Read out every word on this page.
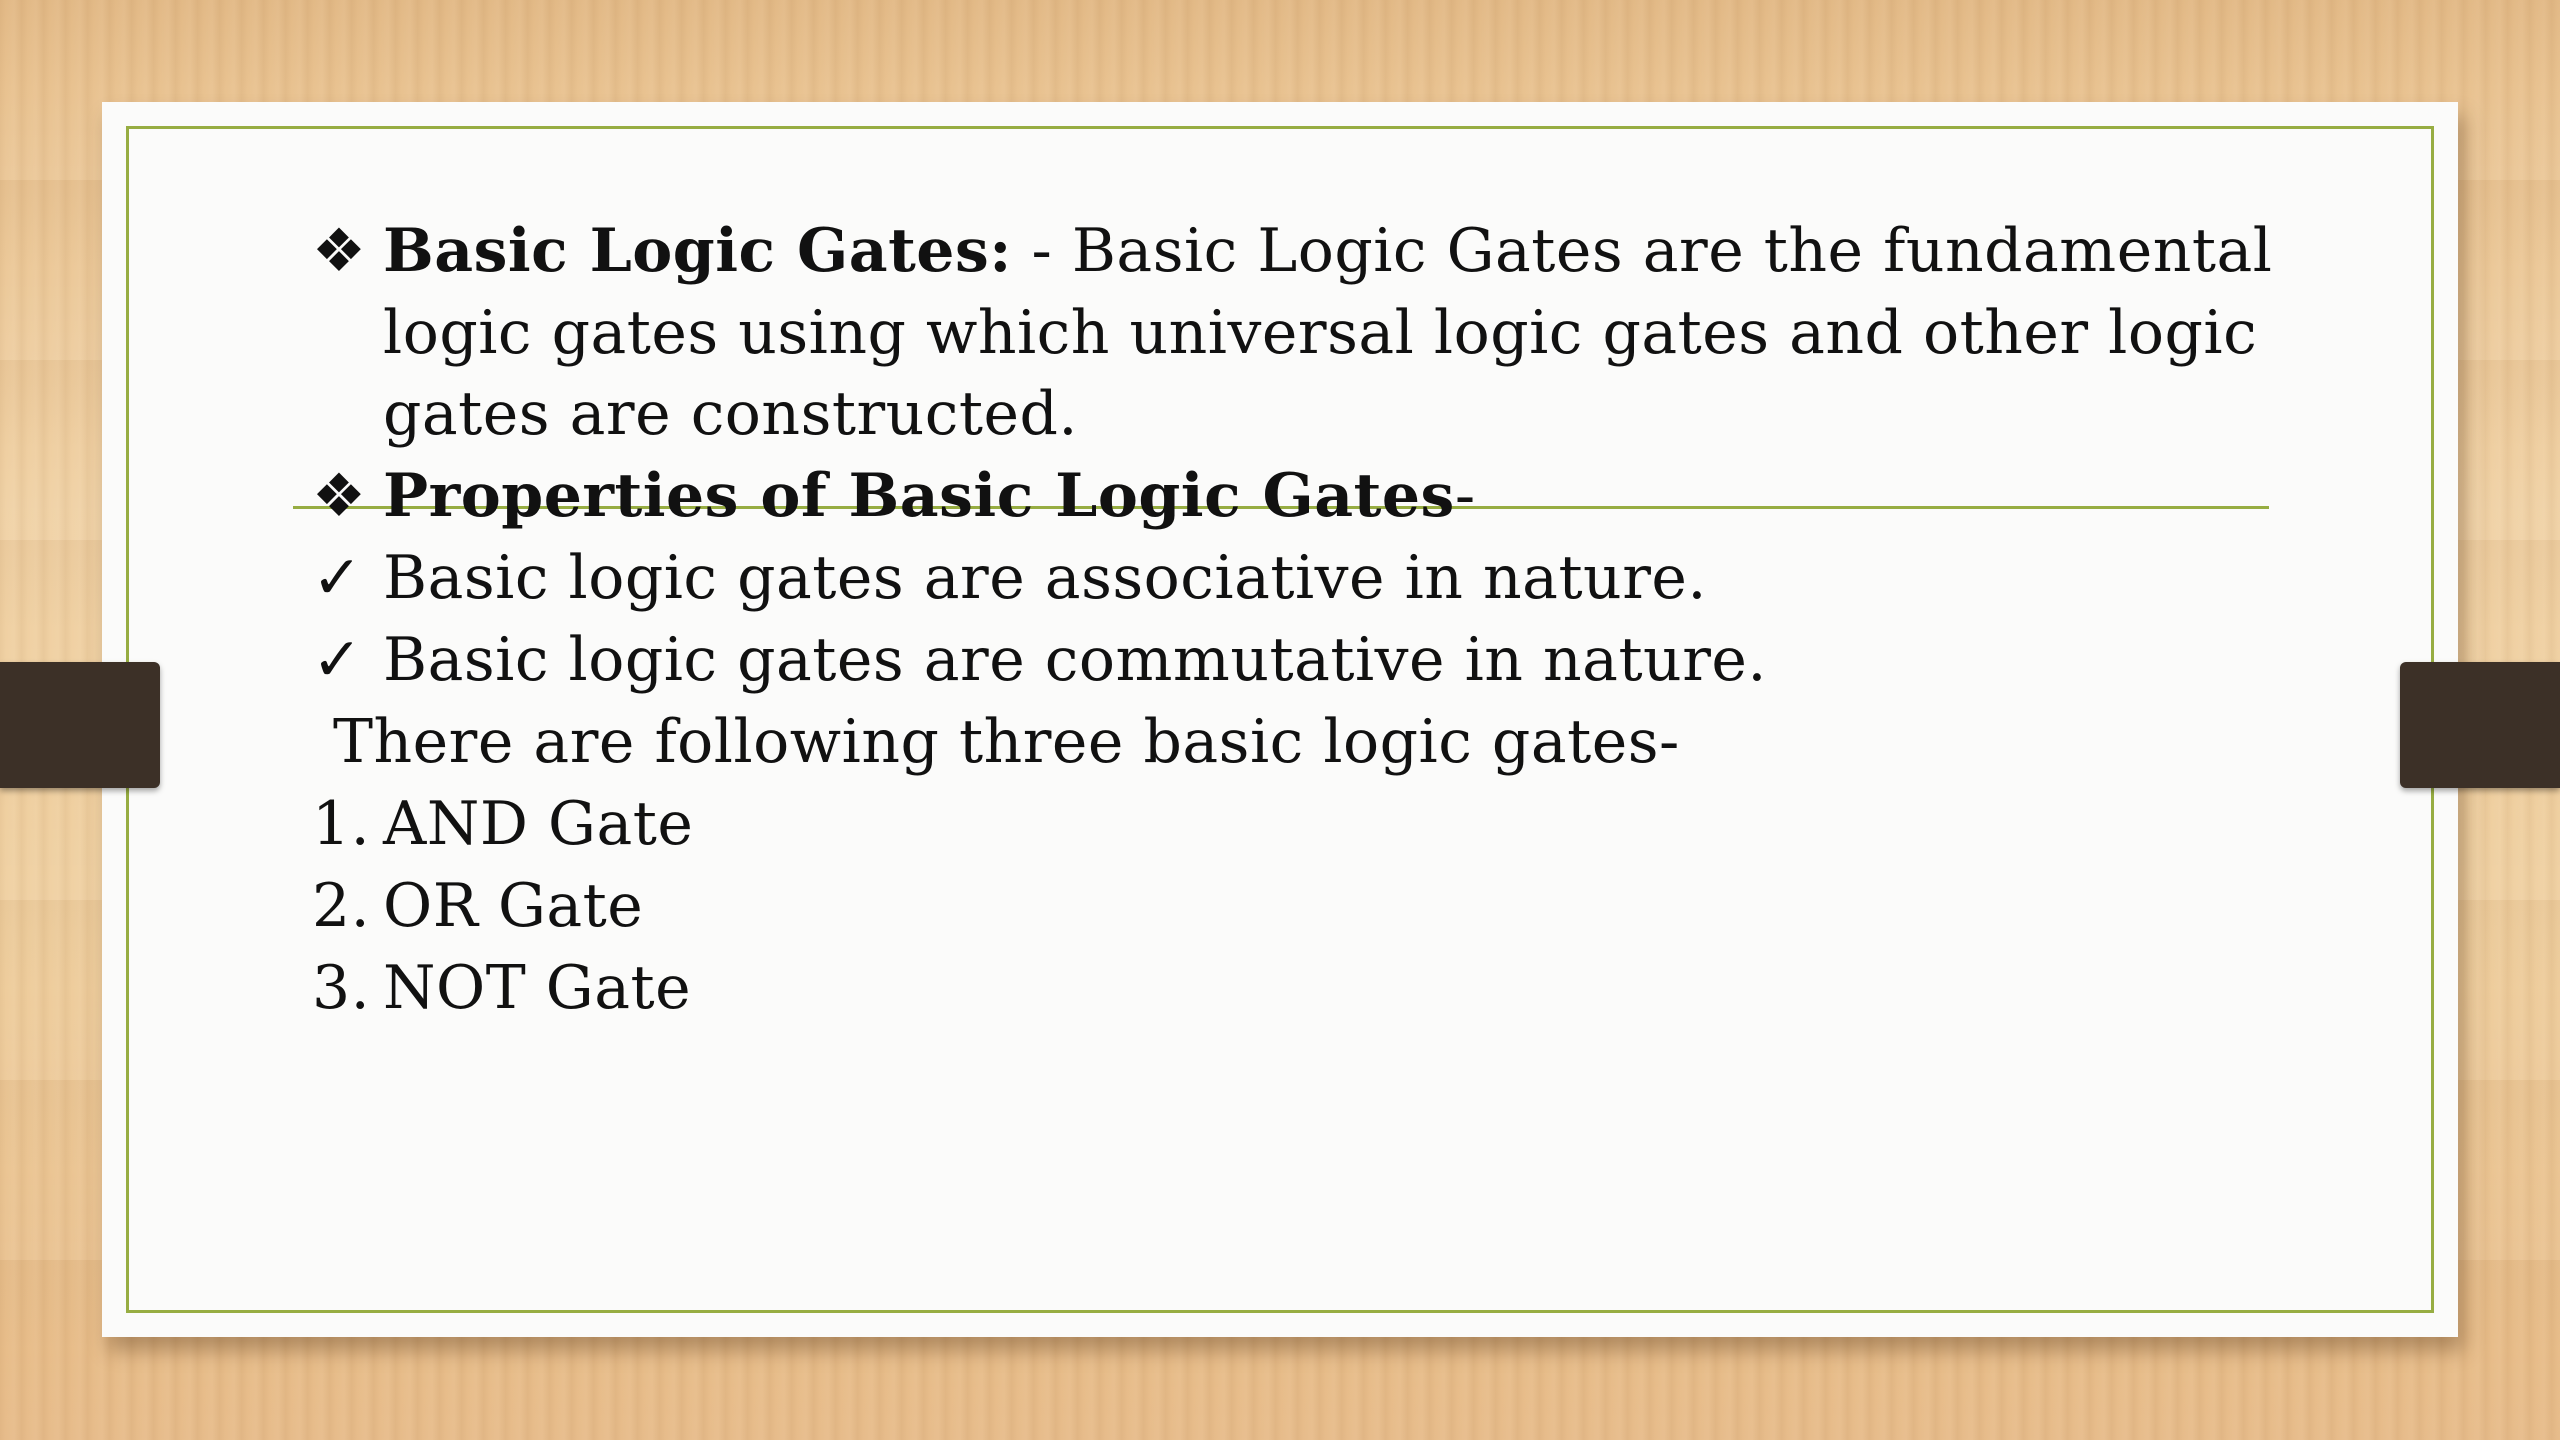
❖ Basic Logic Gates: - Basic Logic Gates are the fundamental
logic gates using which universal logic gates and other logic
gates are constructed.
❖ Properties of Basic Logic Gates-
✓ Basic logic gates are associative in nature.
✓ Basic logic gates are commutative in nature.
There are following three basic logic gates-
1. AND Gate
2. OR Gate
3. NOT Gate
